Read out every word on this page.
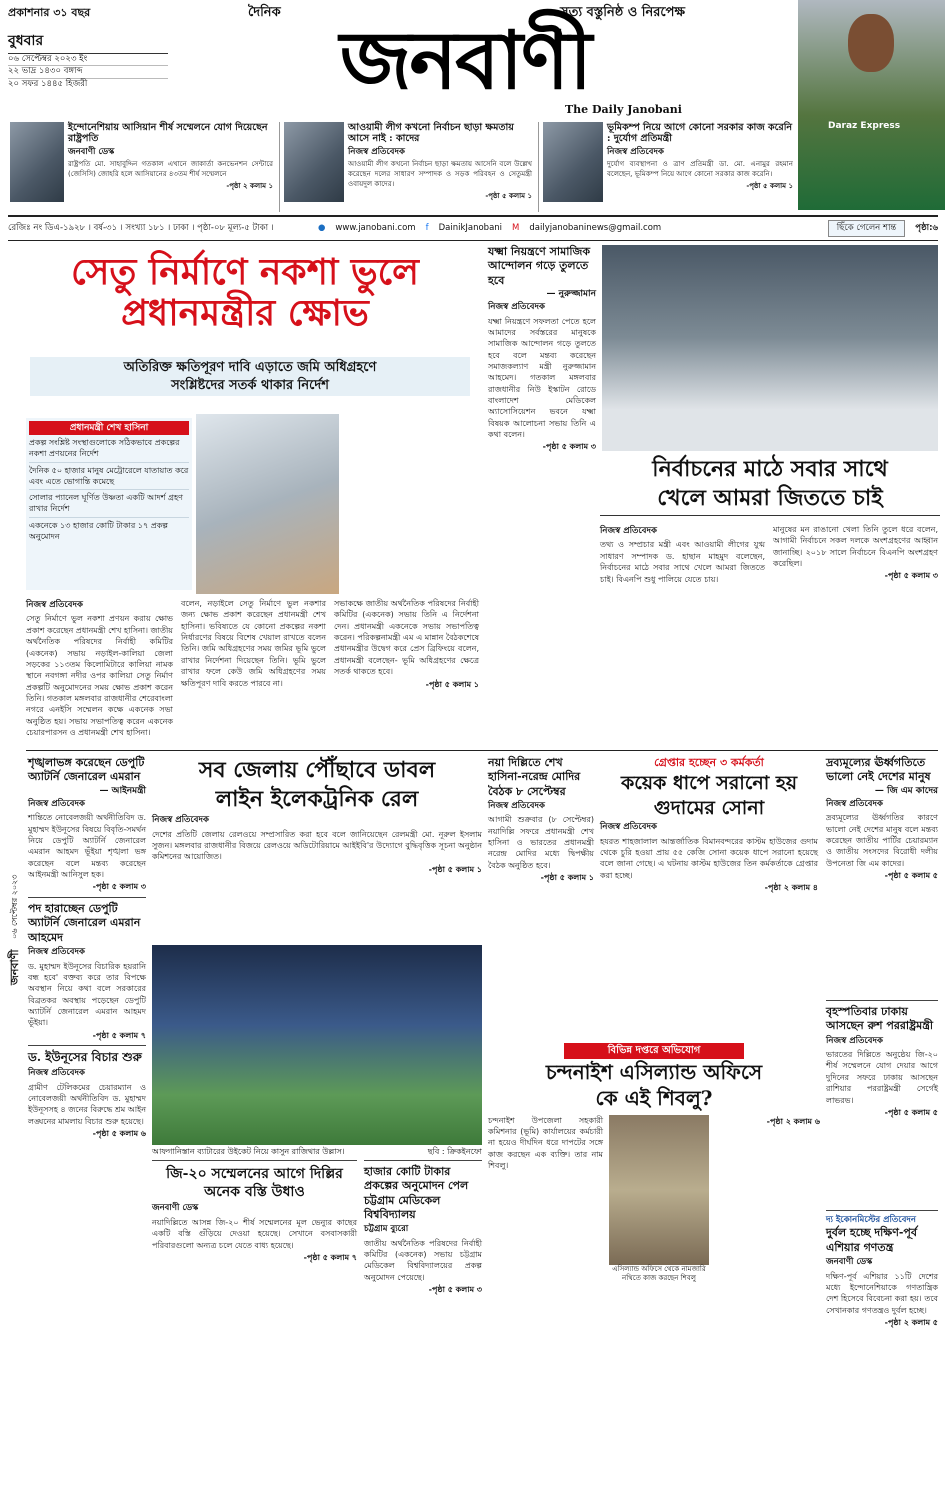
প্রকাশনার ৩১ বছর	দৈনিক	সত্য বস্তুনিষ্ঠ ও নিরপেক্ষ
জনবাণী
The Daily Janobani
বুধবার
০৬ সেপ্টেম্বর ২০২৩ ইং
২২ ভাদ্র ১৪৩০ বঙ্গাব্দ
২০ সফর ১৪৪৫ হিজরী
Daraz Express
ইন্দোনেশিয়ায় আসিয়ান শীর্ষ সম্মেলনে যোগ দিয়েছেন রাষ্ট্রপতি
জনবাণী ডেস্ক
রাষ্ট্রপতি মো. সাহাবুদ্দিন গতকাল এখানে জাকার্তা কনভেনশন সেন্টারে (জেসিসি) জোহরি হলে আসিয়ানের ৪৩তম শীর্ষ সম্মেলনে
-পৃষ্ঠা ২ কলাম ১
আওয়ামী লীগ কখনো নির্বাচন ছাড়া ক্ষমতায় আসে নাই : কাদের
নিজস্ব প্রতিবেদক
আওয়ামী লীগ কখনো নির্বাচন ছাড়া ক্ষমতায় আসেনি বলে উল্লেখ করেছেন দলের সাধারণ সম্পাদক ও সড়ক পরিবহন ও সেতুমন্ত্রী ওবায়দুল কাদের।
-পৃষ্ঠা ৫ কলাম ১
ভূমিকম্প নিয়ে আগে কোনো সরকার কাজ করেনি : দুর্যোগ প্রতিমন্ত্রী
নিজস্ব প্রতিবেদক
দুর্যোগ ব্যবস্থাপনা ও ত্রাণ প্রতিমন্ত্রী ডা. মো. এনামুর রহমান বলেছেন, ভূমিকম্প নিয়ে আগে কোনো সরকার কাজ করেনি।
-পৃষ্ঠা ৫ কলাম ১
রেজিঃ নং ডিএ-১৯২৮ । বর্ষ-৩১ । সংখ্যা ১৮১ । ঢাকা । পৃষ্ঠা-০৮ মূল্য-৫ টাকা ।	● www.janobani.com f DainikJanobani M dailyjanobaninews@gmail.com	ছিঁকে গেলেন শান্ত	পৃষ্ঠা:৬
সেতু নির্মাণে নকশা ভুলে
প্রধানমন্ত্রীর ক্ষোভ
অতিরিক্ত ক্ষতিপূরণ দাবি এড়াতে জমি অধিগ্রহণে
সংশ্লিষ্টদের সতর্ক থাকার নির্দেশ
প্রধানমন্ত্রী শেখ হাসিনা
প্রকল্প সংশ্লিষ্ট সংস্থাগুলোকে সঠিকভাবে প্রকল্পের নকশা প্রণয়নের নির্দেশ
দৈনিক ৫০ হাজার মানুষ মেট্রোরেলে যাতায়াত করে এবং এতে ভোগান্তি কমেছে
সোলার প্যানেল ঘূর্ণিত উষ্ণতা একটি আদর্শ গ্রহণ রাখার নির্দেশ
একনেকে ১৩ হাজার কোটি টাকার ১৭ প্রকল্প অনুমোদন
নিজস্ব প্রতিবেদক
সেতু নির্মাণে ভুল নকশা প্রণয়ন করায় ক্ষোভ প্রকাশ করেছেন প্রধানমন্ত্রী শেখ হাসিনা। জাতীয় অর্থনৈতিক পরিষদের নির্বাহী কমিটির (একনেক) সভায় নড়াইল-কালিয়া জেলা সড়কের ১১৩তম কিলোমিটারে কালিয়া নামক স্থানে নবগঙ্গা নদীর ওপর কালিয়া সেতু নির্মাণ প্রকল্পটি অনুমোদনের সময় ক্ষোভ প্রকাশ করেন তিনি। গতকাল মঙ্গলবার রাজধানীর শেরেবাংলা নগরে এনইসি সম্মেলন কক্ষে একনেক সভা অনুষ্ঠিত হয়। সভায় সভাপতিত্ব করেন একনেক চেয়ারপারসন ও প্রধানমন্ত্রী শেখ হাসিনা।
বলেন, নড়াইলে সেতু নির্মাণে ভুল নকশার জন্য ক্ষোভ প্রকাশ করেছেন প্রধানমন্ত্রী শেখ হাসিনা। ভবিষ্যতে যে কোনো প্রকল্পের নকশা নির্ধারণের বিষয়ে বিশেষ খেয়াল রাখতে বলেন তিনি। জমি অধিগ্রহণের সময় জমির ভূমি ভুলে রাখার নির্দেশনা দিয়েছেন তিনি। ভূমি ভুলে রাখার ফলে কেউ জমি অধিগ্রহণের সময় ক্ষতিপূরণ দাবি করতে পারবে না।
সভাকক্ষে জাতীয় অর্থনৈতিক পরিষদের নির্বাহী কমিটির (একনেক) সভায় তিনি এ নির্দেশনা দেন। প্রধানমন্ত্রী একনেকে সভায় সভাপতিত্ব করেন। পরিকল্পনামন্ত্রী এম এ মান্নান বৈঠকশেষে প্রধানমন্ত্রীর উদ্বেগ করে প্রেস ব্রিফিংয়ে বলেন, প্রধানমন্ত্রী বলেছেন- ভূমি অধিগ্রহণের ক্ষেত্রে সতর্ক থাকতে হবে।
-পৃষ্ঠা ৫ কলাম ১
যক্ষ্মা নিয়ন্ত্রণে সামাজিক আন্দোলন গড়ে তুলতে হবে
— নুরুজ্জামান
নিজস্ব প্রতিবেদক
যক্ষ্মা নিয়ন্ত্রণে সফলতা পেতে হলে আমাদের সর্বস্তরের মানুষকে সামাজিক আন্দোলন গড়ে তুলতে হবে বলে মন্তব্য করেছেন সমাজকল্যাণ মন্ত্রী নুরুজ্জামান আহমেদ। গতকাল মঙ্গলবার রাজধানীর নিউ ইস্কাটন রোডে বাংলাদেশ মেডিকেল অ্যাসোসিয়েশন ভবনে যক্ষ্মা বিষয়ক আলোচনা সভায় তিনি এ কথা বলেন।
-পৃষ্ঠা ৫ কলাম ৩
নির্বাচনের মাঠে সবার সাথে
খেলে আমরা জিততে চাই
নিজস্ব প্রতিবেদক
তথ্য ও সম্প্রচার মন্ত্রী এবং আওয়ামী লীগের যুগ্ম সাধারণ সম্পাদক ড. হাছান মাহমুদ বলেছেন, নির্বাচনের মাঠে সবার সাথে খেলে আমরা জিততে চাই। বিএনপি শুধু পালিয়ে যেতে চায়।
মানুষের মন রাঙানো খেলা তিনি তুলে ধরে বলেন, আগামী নির্বাচনে সকল দলকে অংশগ্রহণের আহ্বান জানাচ্ছি। ২০১৮ সালে নির্বাচনে বিএনপি অংশগ্রহণ করেছিল।
-পৃষ্ঠা ৫ কলাম ৩
জনবাণী ০৬ সেপ্টেম্বর ২০২৩
শৃঙ্খলাভঙ্গ করেছেন ডেপুটি অ্যাটর্নি জেনারেল এমরান
— আইনমন্ত্রী
নিজস্ব প্রতিবেদক
শান্তিতে নোবেলজয়ী অর্থনীতিবিদ ড. মুহাম্মদ ইউনূসের বিষয়ে বিবৃতি-সমর্থন নিয়ে ডেপুটি অ্যাটর্নি জেনারেল এমরান আহমদ ভূঁইয়া শৃঙ্খলা ভঙ্গ করেছেন বলে মন্তব্য করেছেন আইনমন্ত্রী আনিসুল হক।
-পৃষ্ঠা ৫ কলাম ৩
পদ হারাচ্ছেন ডেপুটি অ্যাটর্নি জেনারেল এমরান আহমেদ
নিজস্ব প্রতিবেদক
ড. মুহাম্মদ ইউনূসের বিচারিক হয়রানি বন্ধ হবে' বক্তব্য করে তার বিপক্ষে অবস্থান নিয়ে কথা বলে সরকারের বিব্রতকর অবস্থায় পড়েছেন ডেপুটি অ্যাটর্নি জেনারেল এমরান আহমদ ভূঁইয়া।
-পৃষ্ঠা ৫ কলাম ৭
ড. ইউনূসের বিচার শুরু
নিজস্ব প্রতিবেদক
গ্রামীণ টেলিকমের চেয়ারম্যান ও নোবেলজয়ী অর্থনীতিবিদ ড. মুহাম্মদ ইউনূসসহ ৪ জনের বিরুদ্ধে শ্রম আইন লঙ্ঘনের মামলায় বিচার শুরু হয়েছে।
-পৃষ্ঠা ৫ কলাম ৬
সব জেলায় পৌঁছাবে ডাবল
লাইন ইলেকট্রনিক রেল
নিজস্ব প্রতিবেদক
দেশের প্রতিটি জেলায় রেলওয়ে সম্প্রসারিত করা হবে বলে জানিয়েছেন রেলমন্ত্রী মো. নূরুল ইসলাম সুজন। মঙ্গলবার রাজধানীর বিজয়ে রেলওয়ে অডিটোরিয়ামে আইইবি'র উদ্যোগে বুদ্ধিবৃত্তিক সূচনা অনুষ্ঠান কমিশনের আয়োজিত।
-পৃষ্ঠা ৫ কলাম ১
আফগানিস্তান ব্যাটারের উইকেট নিয়ে কাসুন রাজিথার উল্লাস।	ছবি : ক্রিকইনফো
নয়া দিল্লিতে শেখ হাসিনা-নরেন্দ্র মোদির বৈঠক ৮ সেপ্টেম্বর
নিজস্ব প্রতিবেদক
আগামী শুক্রবার (৮ সেপ্টেম্বর) নয়াদিল্লি সফরে প্রধানমন্ত্রী শেখ হাসিনা ও ভারতের প্রধানমন্ত্রী নরেন্দ্র মোদির মধ্যে দ্বিপক্ষীয় বৈঠক অনুষ্ঠিত হবে।
-পৃষ্ঠা ৫ কলাম ১
গ্রেপ্তার হচ্ছেন ৩ কর্মকর্তা
কয়েক ধাপে সরানো হয়
গুদামের সোনা
নিজস্ব প্রতিবেদক
হযরত শাহজালাল আন্তর্জাতিক বিমানবন্দরের কাস্টম হাউজের গুদাম থেকে চুরি হওয়া প্রায় ৫৫ কেজি সোনা কয়েক ধাপে সরানো হয়েছে বলে জানা গেছে। এ ঘটনায় কাস্টম হাউজের তিন কর্মকর্তাকে গ্রেপ্তার করা হচ্ছে।
-পৃষ্ঠা ২ কলাম ৪
দ্রব্যমূল্যের ঊর্ধ্বগতিতে ভালো নেই দেশের মানুষ
— জি এম কাদের
নিজস্ব প্রতিবেদক
দ্রব্যমূল্যের ঊর্ধ্বগতির কারণে ভালো নেই দেশের মানুষ বলে মন্তব্য করেছেন জাতীয় পার্টির চেয়ারম্যান ও জাতীয় সংসদের বিরোধী দলীয় উপনেতা জি এম কাদের।
-পৃষ্ঠা ৫ কলাম ৫
বৃহস্পতিবার ঢাকায় আসছেন রুশ পররাষ্ট্রমন্ত্রী
নিজস্ব প্রতিবেদক
ভারতের দিল্লিতে অনুষ্ঠেয় জি-২০ শীর্ষ সম্মেলনে যোগ দেয়ার আগে দুদিনের সফরে ঢাকায় আসছেন রাশিয়ার পররাষ্ট্রমন্ত্রী সের্গেই লাভরভ।
-পৃষ্ঠা ৫ কলাম ৫
দ্য ইকোনমিস্টের প্রতিবেদন
দুর্বল হচ্ছে দক্ষিণ-পূর্ব এশিয়ার গণতন্ত্র
জনবাণী ডেস্ক
দক্ষিণ-পূর্ব এশিয়ার ১১টি দেশের মধ্যে ইন্দোনেশিয়াকে গণতান্ত্রিক দেশ হিসেবে বিবেচনা করা হয়। তবে সেখানকার গণতন্ত্রও দুর্বল হচ্ছে।
-পৃষ্ঠা ২ কলাম ৫
বিভিন্ন দপ্তরে অভিযোগ
চন্দনাইশ এসিল্যান্ড অফিসে
কে এই শিবলু?
চন্দনাইশ উপজেলা সহকারী কমিশনার (ভূমি) কার্যালয়ের কর্মচারী না হয়েও দীর্ঘদিন ধরে দাপটের সঙ্গে কাজ করছেন এক ব্যক্তি। তার নাম শিবলু।
এসিল্যান্ড অফিসে থেকে নামজারি নথিতে কাজ করছেন শিবলু
-পৃষ্ঠা ২ কলাম ৬
জি-২০ সম্মেলনের আগে দিল্লির অনেক বস্তি উধাও
জনবাণী ডেস্ক
নয়াদিল্লিতে আসন্ন জি-২০ শীর্ষ সম্মেলনের মূল ভেন্যুর কাছের একটি বস্তি গুঁড়িয়ে দেওয়া হয়েছে। সেখানে বসবাসকারী পরিবারগুলো অন্যত্র চলে যেতে বাধ্য হয়েছে।
-পৃষ্ঠা ৫ কলাম ৭
হাজার কোটি টাকার প্রকল্পের অনুমোদন পেল চট্টগ্রাম মেডিকেল বিশ্ববিদ্যালয়
চট্টগ্রাম ব্যুরো
জাতীয় অর্থনৈতিক পরিষদের নির্বাহী কমিটির (একনেক) সভায় চট্টগ্রাম মেডিকেল বিশ্ববিদ্যালয়ের প্রকল্প অনুমোদন পেয়েছে।
-পৃষ্ঠা ৫ কলাম ৩
